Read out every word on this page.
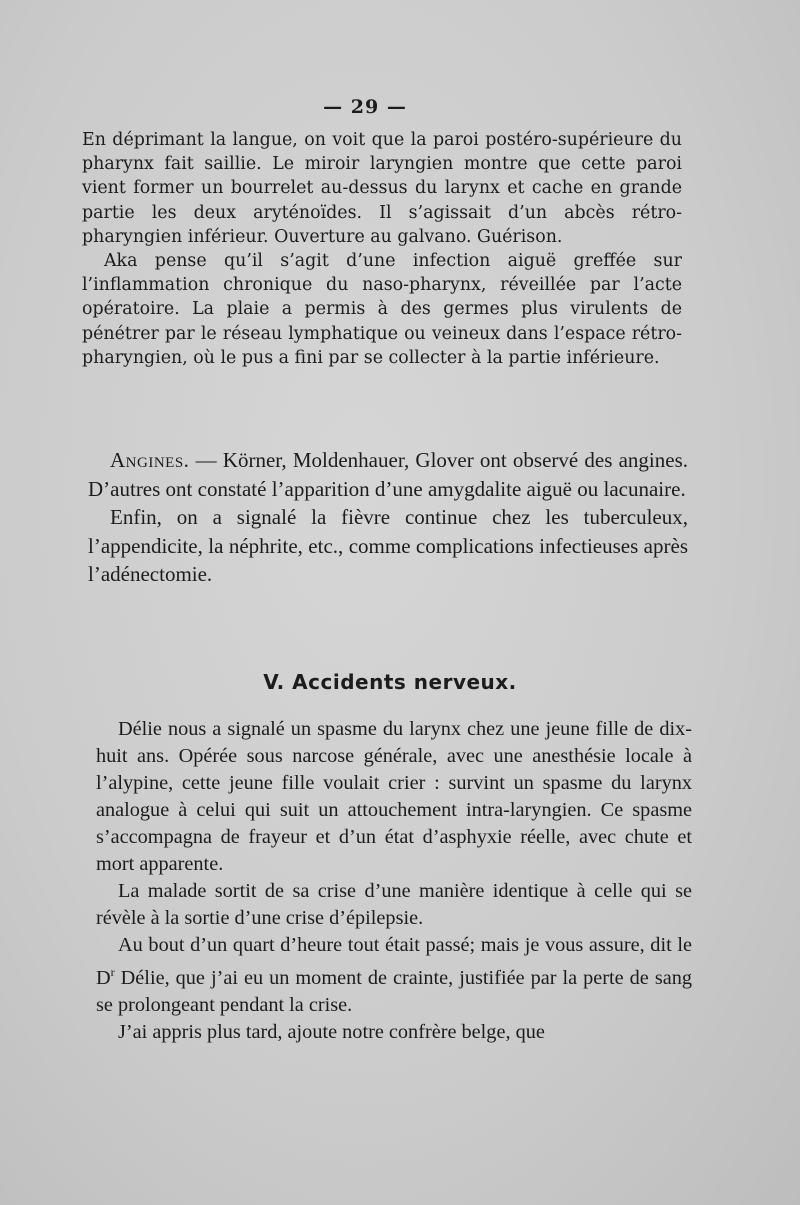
— 29 —

En déprimant la langue, on voit que la paroi postéro-supérieure du pharynx fait saillie. Le miroir laryngien montre que cette paroi vient former un bourrelet au-dessus du larynx et cache en grande partie les deux aryténoïdes. Il s’agissait d’un abcès rétro-pharyngien inférieur. Ouverture au galvano. Guérison.

Aka pense qu’il s’agit d’une infection aiguë greffée sur l’inflammation chronique du naso-pharynx, réveillée par l’acte opératoire. La plaie a permis à des germes plus virulents de pénétrer par le réseau lymphatique ou veineux dans l’espace rétro-pharyngien, où le pus a fini par se collecter à la partie inférieure.

Angines. — Körner, Moldenhauer, Glover ont observé des angines. D’autres ont constaté l’apparition d’une amygdalite aiguë ou lacunaire.

Enfin, on a signalé la fièvre continue chez les tuberculeux, l’appendicite, la néphrite, etc., comme complications infectieuses après l’adénectomie.

V. Accidents nerveux.

Délie nous a signalé un spasme du larynx chez une jeune fille de dix-huit ans. Opérée sous narcose générale, avec une anesthésie locale à l’alypine, cette jeune fille voulait crier : survint un spasme du larynx analogue à celui qui suit un attouchement intra-laryngien. Ce spasme s’accompagna de frayeur et d’un état d’asphyxie réelle, avec chute et mort apparente.

La malade sortit de sa crise d’une manière identique à celle qui se révèle à la sortie d’une crise d’épilepsie.

Au bout d’un quart d’heure tout était passé; mais je vous assure, dit le $D^r$ Délie, que j’ai eu un moment de crainte, justifiée par la perte de sang se prolongeant pendant la crise.

J’ai appris plus tard, ajoute notre confrère belge, que
